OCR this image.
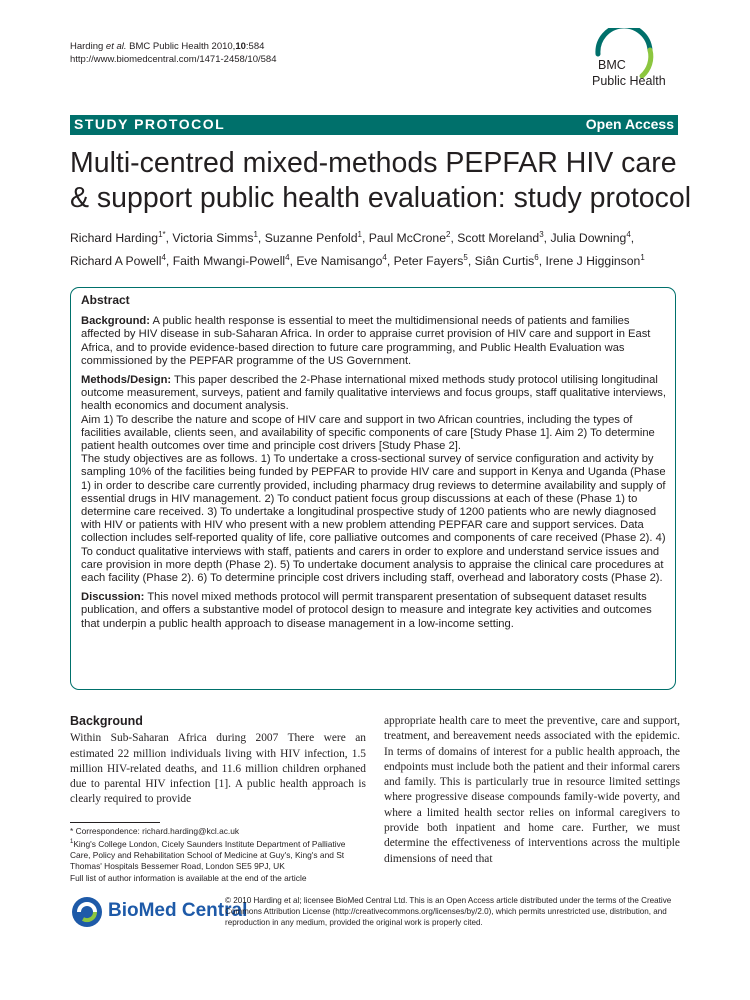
Harding et al. BMC Public Health 2010,10:584
http://www.biomedcentral.com/1471-2458/10/584	BMC
Public Health
STUDY PROTOCOL	Open Access
Multi-centred mixed-methods PEPFAR HIV care & support public health evaluation: study protocol
Richard Harding$^{1*}$, Victoria Simms$^1$, Suzanne Penfold$^1$, Paul McCrone$^2$, Scott Moreland$^3$, Julia Downing$^4$,
Richard A Powell$^4$, Faith Mwangi-Powell$^4$, Eve Namisango$^4$, Peter Fayers$^5$, Siân Curtis$^6$, Irene J Higginson$^1$
Abstract

Background: A public health response is essential to meet the multidimensional needs of patients and families affected by HIV disease in sub-Saharan Africa. In order to appraise curret provision of HIV care and support in East Africa, and to provide evidence-based direction to future care programming, and Public Health Evaluation was commissioned by the PEPFAR programme of the US Government.

Methods/Design: This paper described the 2-Phase international mixed methods study protocol utilising longitudinal outcome measurement, surveys, patient and family qualitative interviews and focus groups, staff qualitative interviews, health economics and document analysis.

Aim 1) To describe the nature and scope of HIV care and support in two African countries, including the types of facilities available, clients seen, and availability of specific components of care [Study Phase 1]. Aim 2) To determine patient health outcomes over time and principle cost drivers [Study Phase 2].

The study objectives are as follows. 1) To undertake a cross-sectional survey of service configuration and activity by sampling 10% of the facilities being funded by PEPFAR to provide HIV care and support in Kenya and Uganda (Phase 1) in order to describe care currently provided, including pharmacy drug reviews to determine availability and supply of essential drugs in HIV management. 2) To conduct patient focus group discussions at each of these (Phase 1) to determine care received. 3) To undertake a longitudinal prospective study of 1200 patients who are newly diagnosed with HIV or patients with HIV who present with a new problem attending PEPFAR care and support services. Data collection includes self-reported quality of life, core palliative outcomes and components of care received (Phase 2). 4) To conduct qualitative interviews with staff, patients and carers in order to explore and understand service issues and care provision in more depth (Phase 2). 5) To undertake document analysis to appraise the clinical care procedures at each facility (Phase 2). 6) To determine principle cost drivers including staff, overhead and laboratory costs (Phase 2).

Discussion: This novel mixed methods protocol will permit transparent presentation of subsequent dataset results publication, and offers a substantive model of protocol design to measure and integrate key activities and outcomes that underpin a public health approach to disease management in a low-income setting.

Background

Within Sub-Saharan Africa during 2007 There were an estimated 22 million individuals living with HIV infection, 1.5 million HIV-related deaths, and 11.6 million children orphaned due to parental HIV infection [1]. A public health approach is clearly required to provide

appropriate health care to meet the preventive, care and support, treatment, and bereavement needs associated with the epidemic. In terms of domains of interest for a public health approach, the endpoints must include both the patient and their informal carers and family. This is particularly true in resource limited settings where progressive disease compounds family-wide poverty, and where a limited health sector relies on informal caregivers to provide both inpatient and home care. Further, we must determine the effectiveness of interventions across the multiple dimensions of need that

* Correspondence: richard.harding@kcl.ac.uk

$^1$King's College London, Cicely Saunders Institute Department of Palliative Care, Policy and Rehabilitation School of Medicine at Guy's, King's and St Thomas' Hospitals Bessemer Road, London SE5 9PJ, UK

Full list of author information is available at the end of the article

BioMed Central
© 2010 Harding et al; licensee BioMed Central Ltd. This is an Open Access article distributed under the terms of the Creative Commons Attribution License (http://creativecommons.org/licenses/by/2.0), which permits unrestricted use, distribution, and reproduction in any medium, provided the original work is properly cited.
